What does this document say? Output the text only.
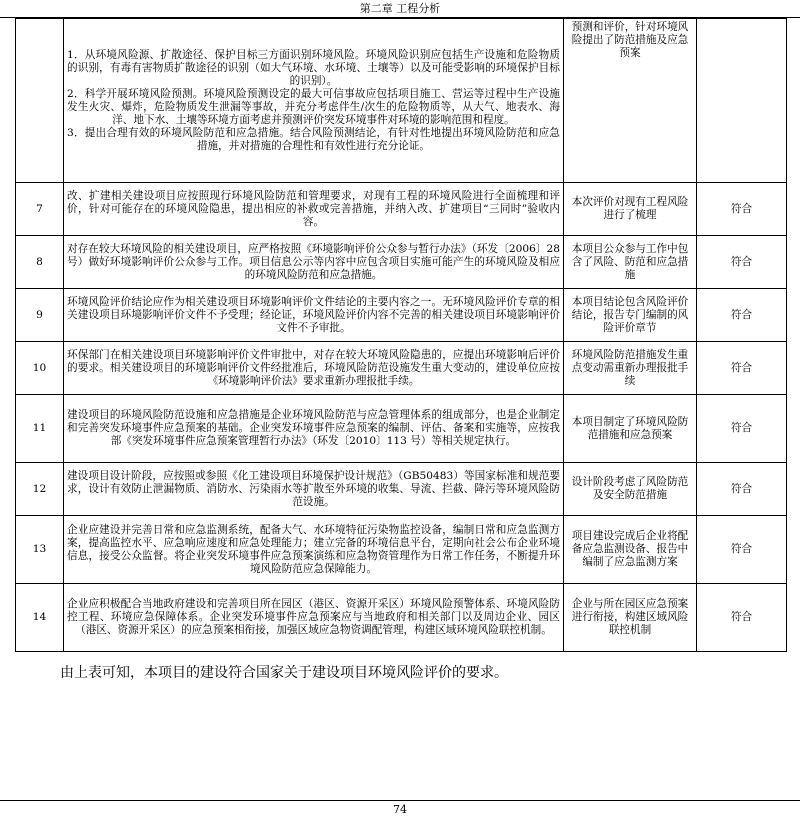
第二章 工程分析

	1．从环境风险源、扩散途径、保护目标三方面识别环境风险。环境风险识别应包括生产设施和危险物质的识别，有毒有害物质扩散途径的识别（如大气环境、水环境、土壤等）以及可能受影响的环境保护目标的识别）。
2．科学开展环境风险预测。环境风险预测设定的最大可信事故应包括项目施工、营运等过程中生产设施发生火灾、爆炸，危险物质发生泄漏等事故，并充分考虑伴生/次生的危险物质等，从大气、地表水、海洋、地下水、土壤等环境方面考虑并预测评价突发环境事件对环境的影响范围和程度。
3．提出合理有效的环境风险防范和应急措施。结合风险预测结论，有针对性地提出环境风险防范和应急措施，并对措施的合理性和有效性进行充分论证。	预测和评价，针对环境风险提出了防范措施及应急预案	
7	改、扩建相关建设项目应按照现行环境风险防范和管理要求，对现有工程的环境风险进行全面梳理和评价，针对可能存在的环境风险隐患，提出相应的补救或完善措施，并纳入改、扩建项目“三同时”验收内容。	本次评价对现有工程风险进行了梳理	符合
8	对存在较大环境风险的相关建设项目，应严格按照《环境影响评价公众参与暂行办法》（环发〔2006〕28 号）做好环境影响评价公众参与工作。项目信息公示等内容中应包含项目实施可能产生的环境风险及相应的环境风险防范和应急措施。	本项目公众参与工作中包含了风险、防范和应急措施	符合
9	环境风险评价结论应作为相关建设项目环境影响评价文件结论的主要内容之一。无环境风险评价专章的相关建设项目环境影响评价文件不予受理；经论证，环境风险评价内容不完善的相关建设项目环境影响评价文件不予审批。	本项目结论包含风险评价结论，报告专门编制的风险评价章节	符合
10	环保部门在相关建设项目环境影响评价文件审批中，对存在较大环境风险隐患的，应提出环境影响后评价的要求。相关建设项目的环境影响评价文件经批准后，环境风险防范设施发生重大变动的，建设单位应按《环境影响评价法》要求重新办理报批手续。	环境风险防范措施发生重点变动需重新办理报批手续	符合
11	建设项目的环境风险防范设施和应急措施是企业环境风险防范与应急管理体系的组成部分，也是企业制定和完善突发环境事件应急预案的基础。企业突发环境事件应急预案的编制、评估、备案和实施等，应按我部《突发环境事件应急预案管理暂行办法》（环发〔2010〕113 号）等相关规定执行。	本项目制定了环境风险防范措施和应急预案	符合
12	建设项目设计阶段，应按照或参照《化工建设项目环境保护设计规范》（GB50483）等国家标准和规范要求，设计有效防止泄漏物质、消防水、污染雨水等扩散至外环境的收集、导流、拦截、降污等环境风险防范设施。	设计阶段考虑了风险防范及安全防范措施	符合
13	企业应建设并完善日常和应急监测系统，配备大气、水环境特征污染物监控设备，编制日常和应急监测方案，提高监控水平、应急响应速度和应急处理能力；建立完备的环境信息平台，定期向社会公布企业环境信息，接受公众监督。将企业突发环境事件应急预案演练和应急物资管理作为日常工作任务，不断提升环境风险防范应急保障能力。	项目建设完成后企业将配备应急监测设备、报告中编制了应急监测方案	符合
14	企业应积极配合当地政府建设和完善项目所在园区（港区、资源开采区）环境风险预警体系、环境风险防控工程、环境应急保障体系。企业突发环境事件应急预案应与当地政府和相关部门以及周边企业、园区（港区、资源开采区）的应急预案相衔接，加强区域应急物资调配管理，构建区域环境风险联控机制。	企业与所在园区应急预案进行衔接，构建区域风险联控机制	符合
由上表可知，本项目的建设符合国家关于建设项目环境风险评价的要求。
74
